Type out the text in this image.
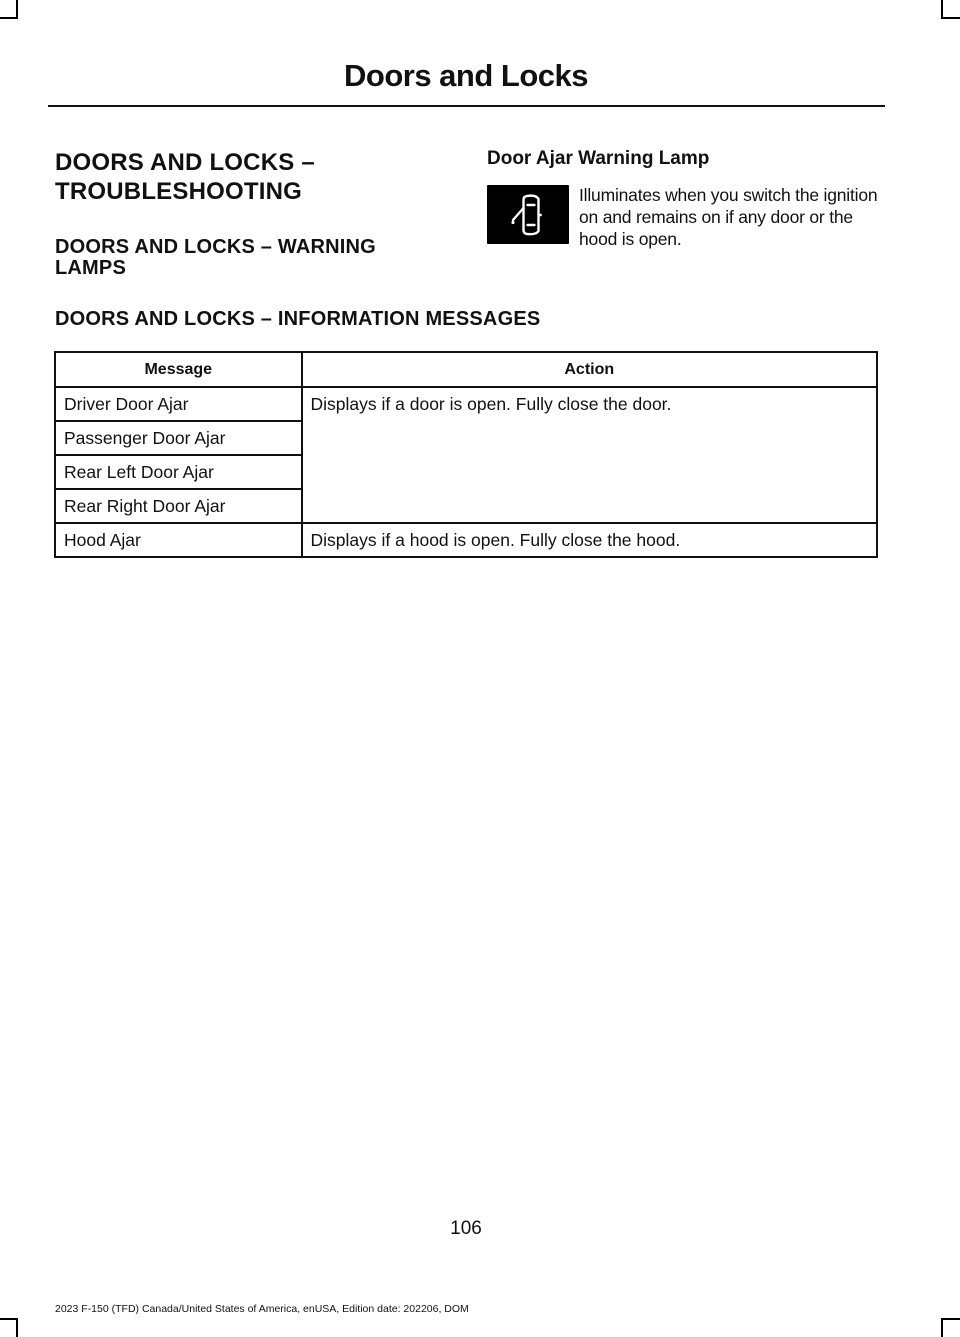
Doors and Locks
DOORS AND LOCKS –
TROUBLESHOOTING
DOORS AND LOCKS – WARNING LAMPS
Door Ajar Warning Lamp
Illuminates when you switch the ignition on and remains on if any door or the hood is open.
DOORS AND LOCKS – INFORMATION MESSAGES
Message	Action
Driver Door Ajar	Displays if a door is open. Fully close the door.
Passenger Door Ajar	
Rear Left Door Ajar	
Rear Right Door Ajar	
Hood Ajar	Displays if a hood is open. Fully close the hood.
106
2023 F-150 (TFD) Canada/United States of America, enUSA, Edition date: 202206, DOM
